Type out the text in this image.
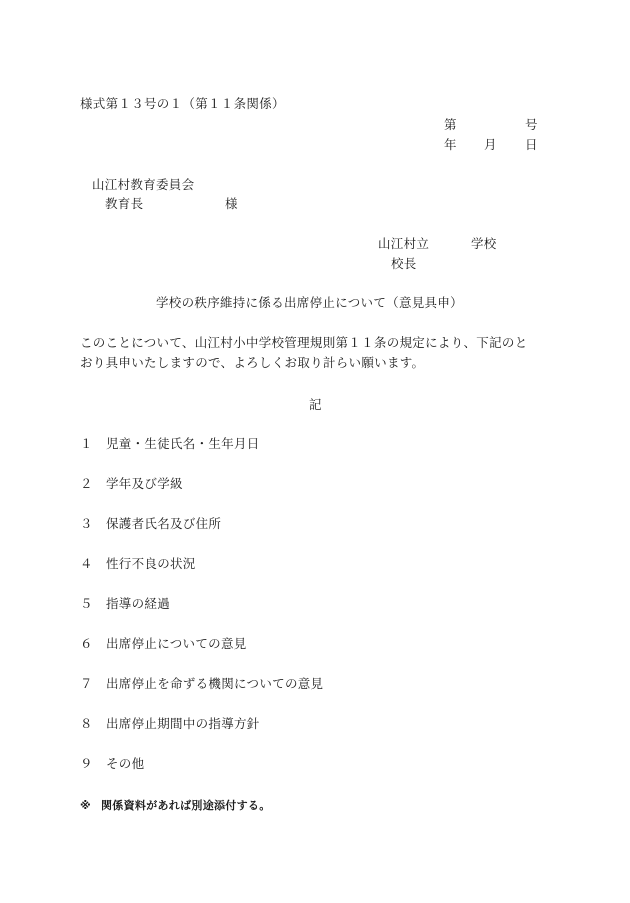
様式第１３号の１（第１１条関係）
第	号
年 月 日
山江村教育委員会
教育長	様
山江村立	学校
校長
学校の秩序維持に係る出席停止について（意見具申）
このことについて、山江村小中学校管理規則第１１条の規定により、下記のと
おり具申いたしますので、よろしくお取り計らい願います。
記
１ 児童・生徒氏名・生年月日
２ 学年及び学級
３ 保護者氏名及び住所
４ 性行不良の状況
５ 指導の経過
６ 出席停止についての意見
７ 出席停止を命ずる機関についての意見
８ 出席停止期間中の指導方針
９ その他
※ 関係資料があれば別途添付する。
